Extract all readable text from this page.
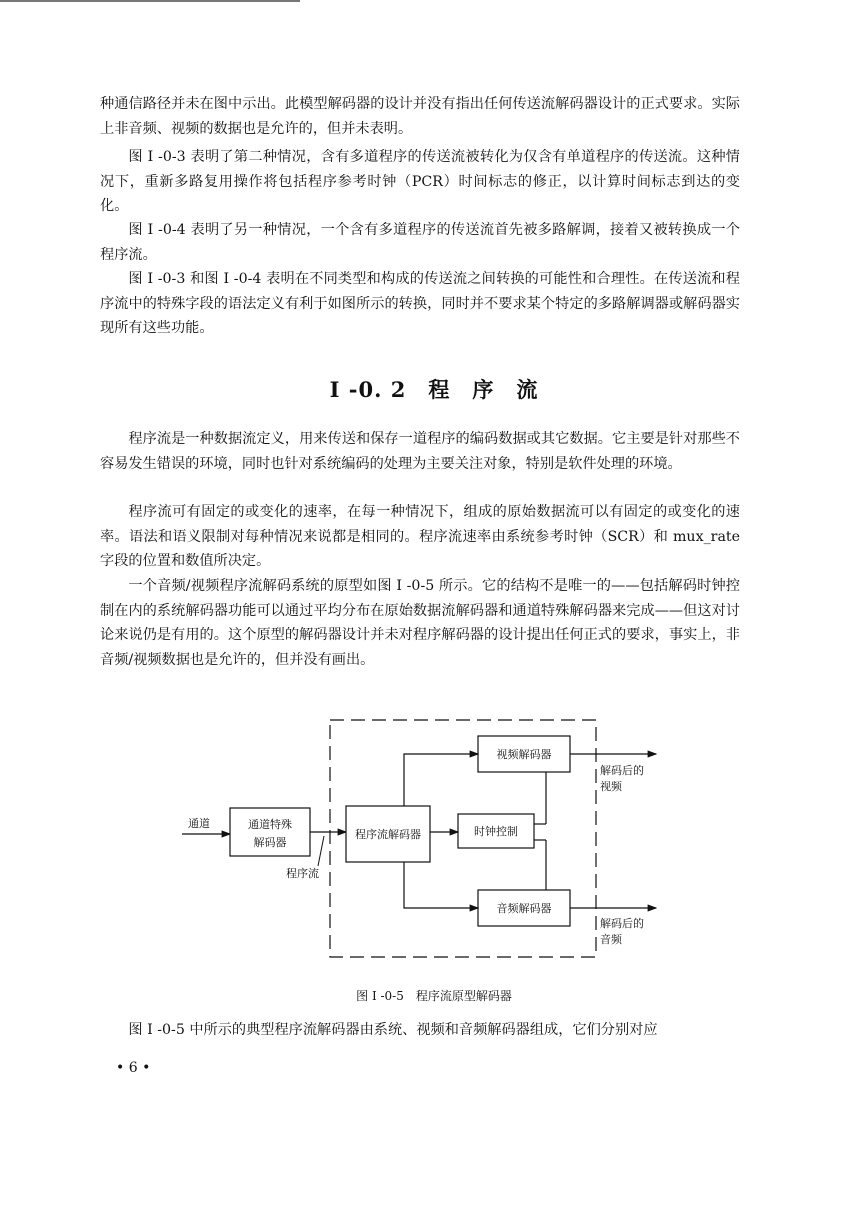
种通信路径并未在图中示出。此模型解码器的设计并没有指出任何传送流解码器设计的正式要求。实际上非音频、视频的数据也是允许的，但并未表明。

图 I -0-3 表明了第二种情况，含有多道程序的传送流被转化为仅含有单道程序的传送流。这种情况下，重新多路复用操作将包括程序参考时钟（PCR）时间标志的修正，以计算时间标志到达的变化。

图 I -0-4 表明了另一种情况，一个含有多道程序的传送流首先被多路解调，接着又被转换成一个程序流。

图 I -0-3 和图 I -0-4 表明在不同类型和构成的传送流之间转换的可能性和合理性。在传送流和程序流中的特殊字段的语法定义有利于如图所示的转换，同时并不要求某个特定的多路解调器或解码器实现所有这些功能。

I -0. 2　程　序　流

程序流是一种数据流定义，用来传送和保存一道程序的编码数据或其它数据。它主要是针对那些不容易发生错误的环境，同时也针对系统编码的处理为主要关注对象，特别是软件处理的环境。

程序流可有固定的或变化的速率，在每一种情况下，组成的原始数据流可以有固定的或变化的速率。语法和语义限制对每种情况来说都是相同的。程序流速率由系统参考时钟（SCR）和 mux_rate 字段的位置和数值所决定。

一个音频/视频程序流解码系统的原型如图 I -0-5 所示。它的结构不是唯一的——包括解码时钟控制在内的系统解码器功能可以通过平均分布在原始数据流解码器和通道特殊解码器来完成——但这对讨论来说仍是有用的。这个原型的解码器设计并未对程序解码器的设计提出任何正式的要求，事实上，非音频/视频数据也是允许的，但并没有画出。

通道	通道特殊
解码器
程序流
程序流解码器	时钟控制
视频解码器
音频解码器
解码后的
视频
解码后的
音频

图 I -0-5　程序流原型解码器

图 I -0-5 中所示的典型程序流解码器由系统、视频和音频解码器组成，它们分别对应

• 6 •
